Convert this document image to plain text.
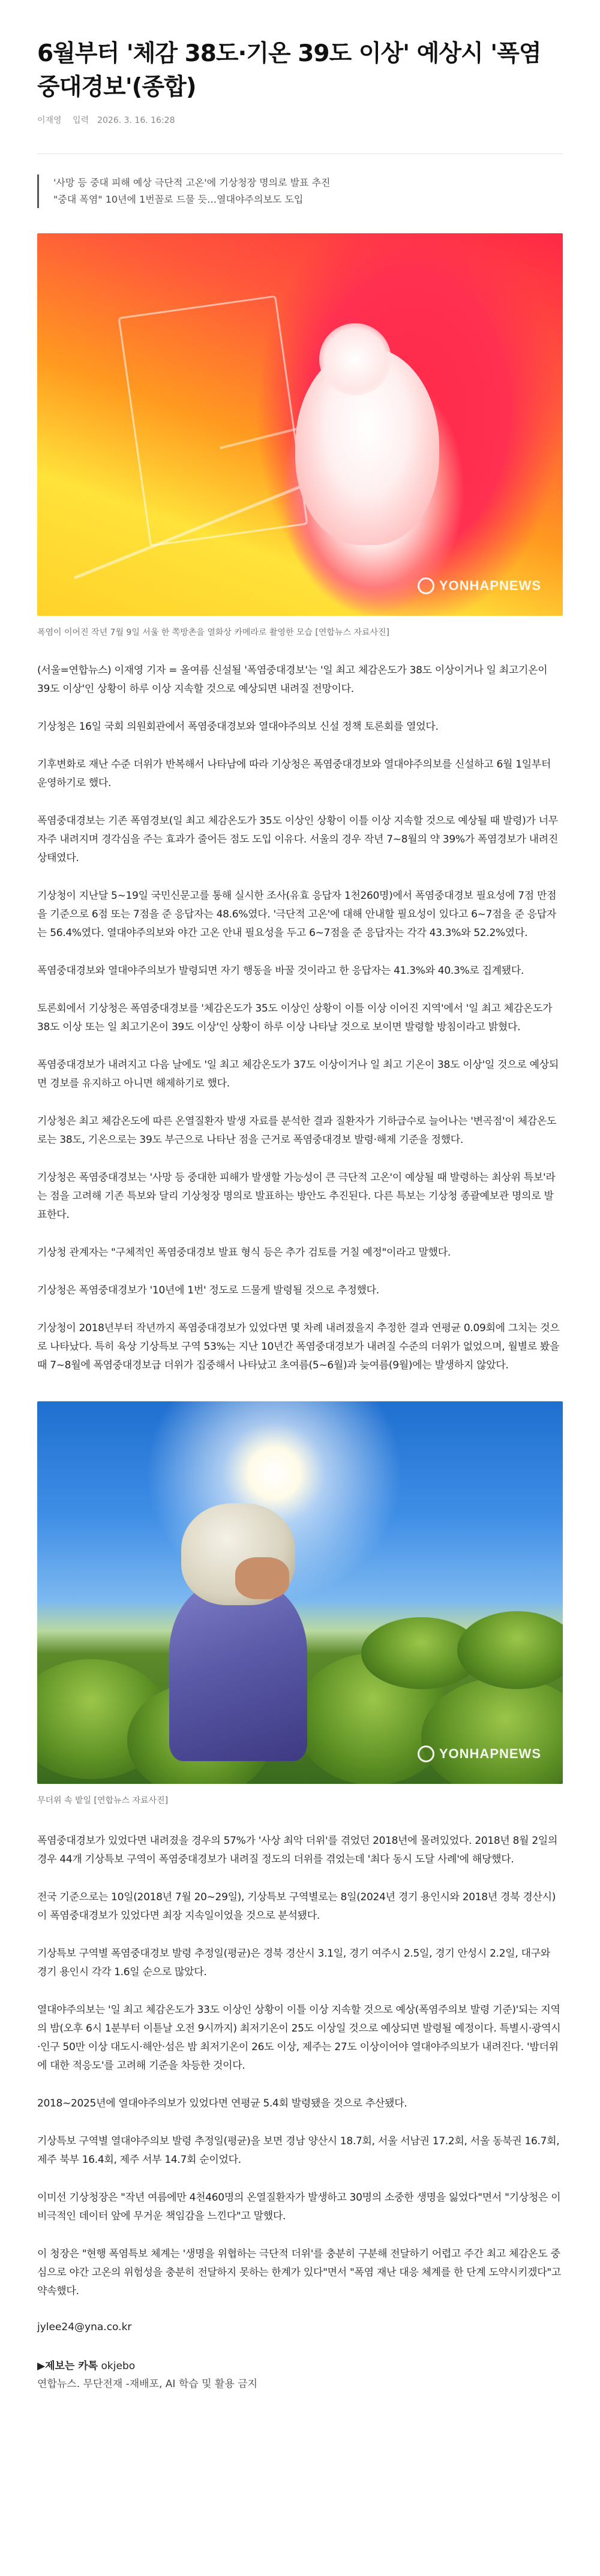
6월부터 '체감 38도·기온 39도 이상' 예상시 '폭염중대경보'(종합)
이재영 입력 2026. 3. 16. 16:28
'사망 등 중대 피해 예상 극단적 고온'에 기상청장 명의로 발표 추진
"중대 폭염" 10년에 1번꼴로 드물 듯…열대야주의보도 도입
YONHAPNEWS
폭염이 이어진 작년 7월 9일 서울 한 쪽방촌을 열화상 카메라로 촬영한 모습 [연합뉴스 자료사진]

(서울=연합뉴스) 이재영 기자 = 올여름 신설될 '폭염중대경보'는 '일 최고 체감온도가 38도 이상이거나 일 최고기온이 39도 이상'인 상황이 하루 이상 지속할 것으로 예상되면 내려질 전망이다.

기상청은 16일 국회 의원회관에서 폭염중대경보와 열대야주의보 신설 정책 토론회를 열었다.

기후변화로 재난 수준 더위가 반복해서 나타남에 따라 기상청은 폭염중대경보와 열대야주의보를 신설하고 6월 1일부터 운영하기로 했다.

폭염중대경보는 기존 폭염경보(일 최고 체감온도가 35도 이상인 상황이 이틀 이상 지속할 것으로 예상될 때 발령)가 너무 자주 내려지며 경각심을 주는 효과가 줄어든 점도 도입 이유다. 서울의 경우 작년 7∼8월의 약 39%가 폭염경보가 내려진 상태였다.

기상청이 지난달 5∼19일 국민신문고를 통해 실시한 조사(유효 응답자 1천260명)에서 폭염중대경보 필요성에 7점 만점을 기준으로 6점 또는 7점을 준 응답자는 48.6%였다. '극단적 고온'에 대해 안내할 필요성이 있다고 6∼7점을 준 응답자는 56.4%였다. 열대야주의보와 야간 고온 안내 필요성을 두고 6∼7점을 준 응답자는 각각 43.3%와 52.2%였다.

폭염중대경보와 열대야주의보가 발령되면 자기 행동을 바꿀 것이라고 한 응답자는 41.3%와 40.3%로 집계됐다.

토론회에서 기상청은 폭염중대경보를 '체감온도가 35도 이상인 상황이 이틀 이상 이어진 지역'에서 '일 최고 체감온도가 38도 이상 또는 일 최고기온이 39도 이상'인 상황이 하루 이상 나타날 것으로 보이면 발령할 방침이라고 밝혔다.

폭염중대경보가 내려지고 다음 날에도 '일 최고 체감온도가 37도 이상이거나 일 최고 기온이 38도 이상'일 것으로 예상되면 경보를 유지하고 아니면 해제하기로 했다.

기상청은 최고 체감온도에 따른 온열질환자 발생 자료를 분석한 결과 질환자가 기하급수로 늘어나는 '변곡점'이 체감온도로는 38도, 기온으로는 39도 부근으로 나타난 점을 근거로 폭염중대경보 발령·해제 기준을 정했다.

기상청은 폭염중대경보는 '사망 등 중대한 피해가 발생할 가능성이 큰 극단적 고온'이 예상될 때 발령하는 최상위 특보'라는 점을 고려해 기존 특보와 달리 기상청장 명의로 발표하는 방안도 추진된다. 다른 특보는 기상청 종괄예보관 명의로 발표한다.

기상청 관계자는 "구체적인 폭염중대경보 발표 형식 등은 추가 검토를 거칠 예정"이라고 말했다.

기상청은 폭염중대경보가 '10년에 1번' 정도로 드물게 발령될 것으로 추정했다.

기상청이 2018년부터 작년까지 폭염중대경보가 있었다면 몇 차례 내려졌을지 추정한 결과 연평균 0.09회에 그치는 것으로 나타났다. 특히 육상 기상특보 구역 53%는 지난 10년간 폭염중대경보가 내려질 수준의 더위가 없었으며, 월별로 봤을 때 7∼8월에 폭염중대경보급 더위가 집중해서 나타났고 초여름(5∼6월)과 늦여름(9월)에는 발생하지 않았다.

YONHAPNEWS
무더위 속 밭일 [연합뉴스 자료사진]

폭염중대경보가 있었다면 내려졌을 경우의 57%가 '사상 최악 더위'를 겪었던 2018년에 몰려있었다. 2018년 8월 2일의 경우 44개 기상특보 구역이 폭염중대경보가 내려질 정도의 더위를 겪었는데 '최다 동시 도달 사례'에 해당했다.

전국 기준으로는 10일(2018년 7월 20∼29일), 기상특보 구역별로는 8일(2024년 경기 용인시와 2018년 경북 경산시)이 폭염중대경보가 있었다면 최장 지속일이었을 것으로 분석됐다.

기상특보 구역별 폭염중대경보 발령 추정일(평균)은 경북 경산시 3.1일, 경기 여주시 2.5일, 경기 안성시 2.2일, 대구와 경기 용인시 각각 1.6일 순으로 많았다.

열대야주의보는 '일 최고 체감온도가 33도 이상인 상황이 이틀 이상 지속할 것으로 예상(폭염주의보 발령 기준)'되는 지역의 밤(오후 6시 1분부터 이튿날 오전 9시까지) 최저기온이 25도 이상일 것으로 예상되면 발령될 예정이다. 특별시·광역시·인구 50만 이상 대도시·해안·섬은 밤 최저기온이 26도 이상, 제주는 27도 이상이어야 열대야주의보가 내려진다. '밤더위에 대한 적응도'를 고려해 기준을 차등한 것이다.

2018∼2025년에 열대야주의보가 있었다면 연평균 5.4회 발령됐을 것으로 추산됐다.

기상특보 구역별 열대야주의보 발령 추정일(평균)을 보면 경남 양산시 18.7회, 서울 서남권 17.2회, 서울 동북권 16.7회, 제주 북부 16.4회, 제주 서부 14.7회 순이었다.

이미선 기상청장은 "작년 여름에만 4천460명의 온열질환자가 발생하고 30명의 소중한 생명을 잃었다"면서 "기상청은 이 비극적인 데이터 앞에 무거운 책임감을 느낀다"고 말했다.

이 청장은 "현행 폭염특보 체계는 '생명을 위협하는 극단적 더위'를 충분히 구분해 전달하기 어렵고 주간 최고 체감온도 중심으로 야간 고온의 위험성을 충분히 전달하지 못하는 한계가 있다"면서 "폭염 재난 대응 체계를 한 단계 도약시키겠다"고 약속했다.

jylee24@yna.co.kr
▶제보는 카톡 okjebo
연합뉴스. 무단전재 -재배포, AI 학습 및 활용 금지
